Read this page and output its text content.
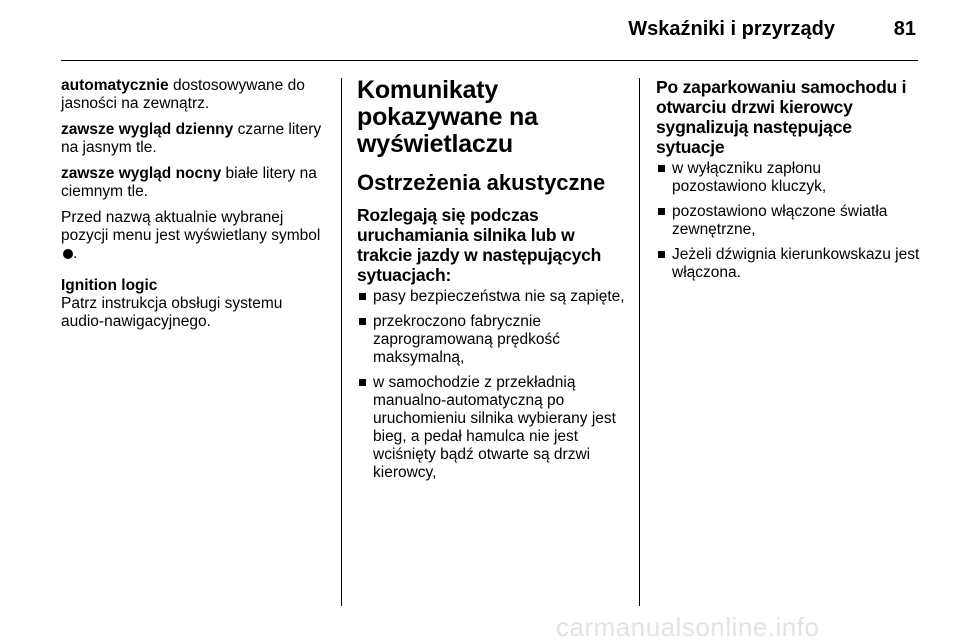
Wskaźniki i przyrządy	81

automatycznie dostosowywane do jasności na zewnątrz.

zawsze wygląd dzienny czarne litery na jasnym tle.

zawsze wygląd nocny białe litery na ciemnym tle.

Przed nazwą aktualnie wybranej pozycji menu jest wyświetlany symbol .

Ignition logic
Patrz instrukcja obsługi systemu audio-nawigacyjnego.
Komunikaty pokazywane na wyświetlaczu
Ostrzeżenia akustyczne
Rozlegają się podczas uruchamiania silnika lub w trakcie jazdy w następujących sytuacjach:
pasy bezpieczeństwa nie są zapięte,
przekroczono fabrycznie zaprogramowaną prędkość maksymalną,
w samochodzie z przekładnią manualno-automatyczną po uruchomieniu silnika wybierany jest bieg, a pedał hamulca nie jest wciśnięty bądź otwarte są drzwi kierowcy,
Po zaparkowaniu samochodu i otwarciu drzwi kierowcy sygnalizują następujące sytuacje
w wyłączniku zapłonu pozostawiono kluczyk,
pozostawiono włączone światła zewnętrzne,
Jeżeli dźwignia kierunkowskazu jest włączona.
carmanualsonline.info
